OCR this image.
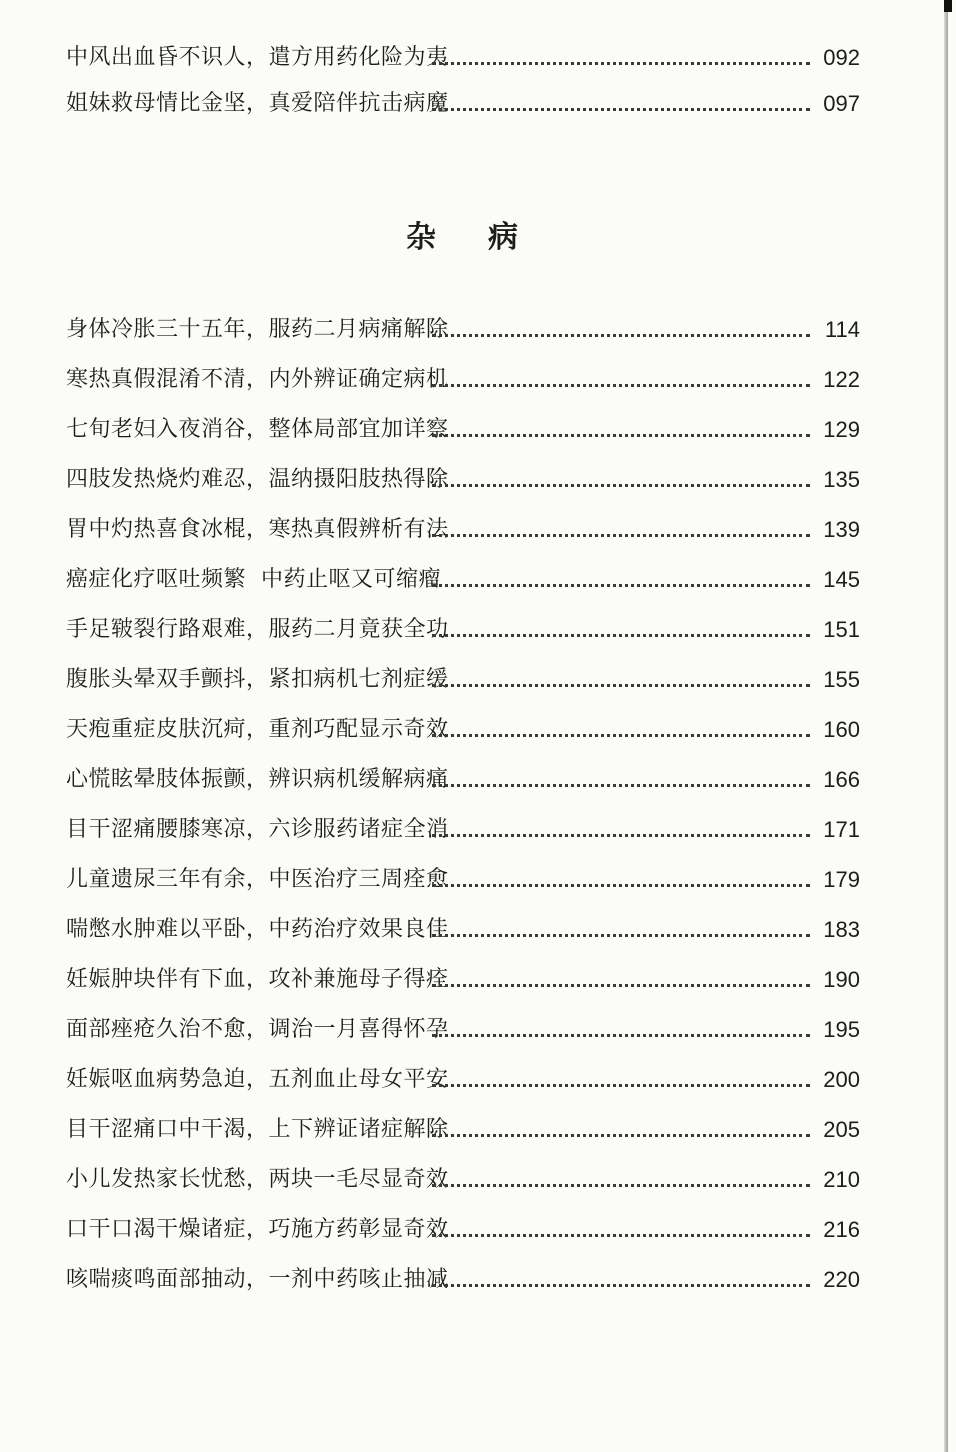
中风出血昏不识人，遣方用药化险为夷	092
姐妹救母情比金坚，真爱陪伴抗击病魔	097
杂病
身体冷胀三十五年，服药二月病痛解除	114
寒热真假混淆不清，内外辨证确定病机	122
七旬老妇入夜消谷，整体局部宜加详察	129
四肢发热烧灼难忍，温纳摄阳肢热得除	135
胃中灼热喜食冰棍，寒热真假辨析有法	139
癌症化疗呕吐频繁  中药止呕又可缩瘤	145
手足皲裂行路艰难，服药二月竟获全功	151
腹胀头晕双手颤抖，紧扣病机七剂症缓	155
天疱重症皮肤沉疴，重剂巧配显示奇效	160
心慌眩晕肢体振颤，辨识病机缓解病痛	166
目干涩痛腰膝寒凉，六诊服药诸症全消	171
儿童遗尿三年有余，中医治疗三周痊愈	179
喘憋水肿难以平卧，中药治疗效果良佳	183
妊娠肿块伴有下血，攻补兼施母子得痊	190
面部痤疮久治不愈，调治一月喜得怀孕	195
妊娠呕血病势急迫，五剂血止母女平安	200
目干涩痛口中干渴，上下辨证诸症解除	205
小儿发热家长忧愁，两块一毛尽显奇效	210
口干口渴干燥诸症，巧施方药彰显奇效	216
咳喘痰鸣面部抽动，一剂中药咳止抽减	220
